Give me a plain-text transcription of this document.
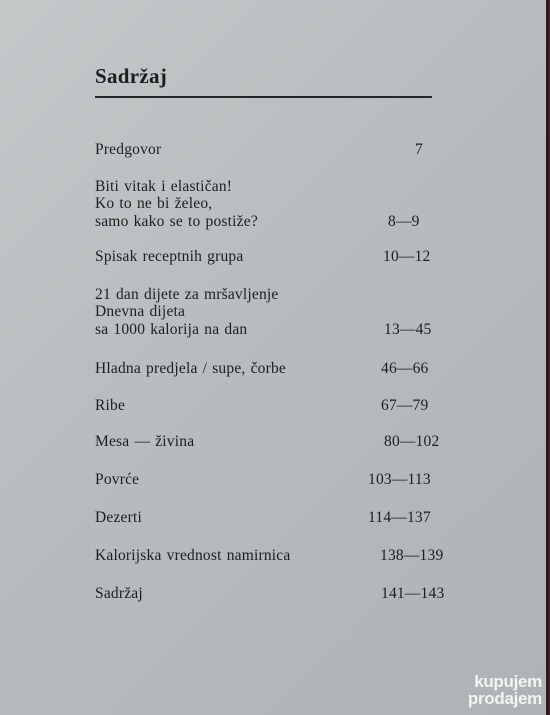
Sadržaj
Predgovor	7
Biti vitak i elastičan!
Ko to ne bi želeo,
samo kako se to postiže?	8—9
Spisak receptnih grupa	10—12
21 dan dijete za mršavljenje
Dnevna dijeta
sa 1000 kalorija na dan	13—45
Hladna predjela / supe, čorbe	46—66
Ribe	67—79
Mesa — živina	80—102
Povrće	103—113
Dezerti	114—137
Kalorijska vrednost namirnica	138—139
Sadržaj	141—143
kupujem
prodajem
